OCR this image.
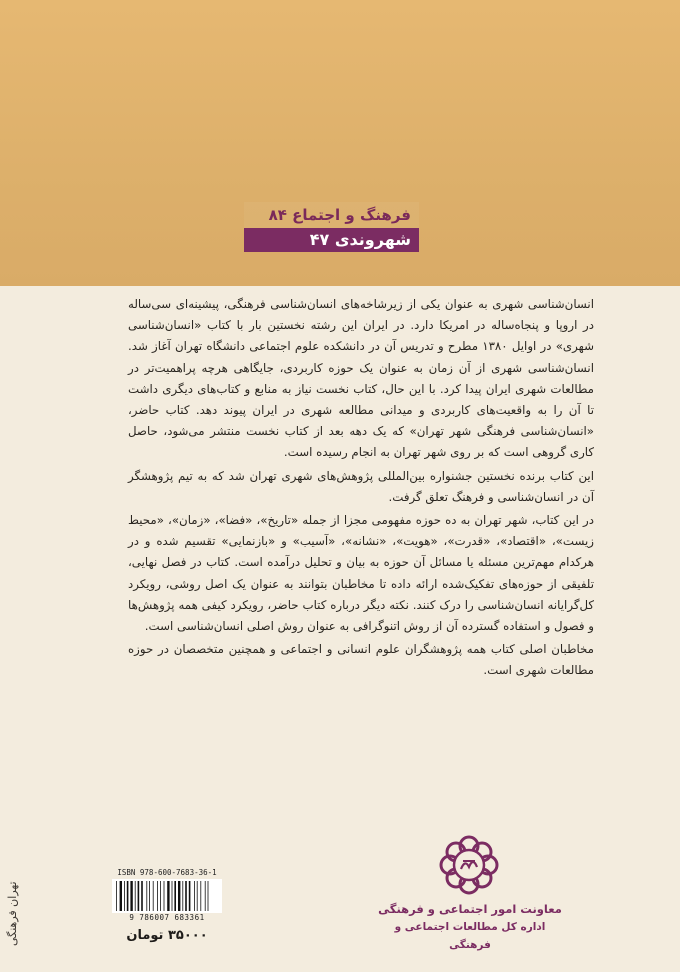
فرهنگ و اجتماع ۸۴
شهروندی ۴۷

انسان‌شناسی شهری به عنوان یکی از زیرشاخه‌های انسان‌شناسی فرهنگی، پیشینه‌ای سی‌ساله در اروپا و پنجاه‌ساله در امریکا دارد. در ایران این رشته نخستین بار با کتاب «انسان‌شناسی شهری» در اوایل ۱۳۸۰ مطرح و تدریس آن در دانشکده علوم اجتماعی دانشگاه تهران آغاز شد. انسان‌شناسی شهری از آن زمان به عنوان یک حوزه کاربردی، جایگاهی هرچه پراهمیت‌تر در مطالعات شهری ایران پیدا کرد. با این حال، کتاب نخست نیاز به منابع و کتاب‌های دیگری داشت تا آن را به واقعیت‌های کاربردی و میدانی مطالعه شهری در ایران پیوند دهد. کتاب حاضر، «انسان‌شناسی فرهنگی شهر تهران» که یک دهه بعد از کتاب نخست منتشر می‌شود، حاصل کاری گروهی است که بر روی شهر تهران به انجام رسیده است.

این کتاب برنده نخستین جشنواره بین‌المللی پژوهش‌های شهری تهران شد که به تیم پژوهشگر آن در انسان‌شناسی و فرهنگ تعلق گرفت.

در این کتاب، شهر تهران به ده حوزه مفهومی مجزا از جمله «تاریخ»، «فضا»، «زمان»، «محیط زیست»، «اقتصاد»، «قدرت»، «هویت»، «نشانه»، «آسیب» و «بازنمایی» تقسیم شده و در هرکدام مهم‌ترین مسئله یا مسائل آن حوزه به بیان و تحلیل درآمده است. کتاب در فصل نهایی، تلفیقی از حوزه‌های تفکیک‌شده ارائه داده تا مخاطبان بتوانند به عنوان یک اصل روشی، رویکرد کل‌گرایانه انسان‌شناسی را درک کنند. نکته دیگر درباره کتاب حاضر، رویکرد کیفی همه پژوهش‌ها و فصول و استفاده گسترده آن از روش اتنوگرافی به عنوان روش اصلی انسان‌شناسی است.

مخاطبان اصلی کتاب همه پژوهشگران علوم انسانی و اجتماعی و همچنین متخصصان در حوزه مطالعات شهری است.

تهران فرهنگی
ISBN 978-600-7683-36-1
9 786007 683361
۳۵۰۰۰ تومان
معاونت امور اجتماعی و فرهنگی
اداره کل مطالعات اجتماعی و فرهنگی
